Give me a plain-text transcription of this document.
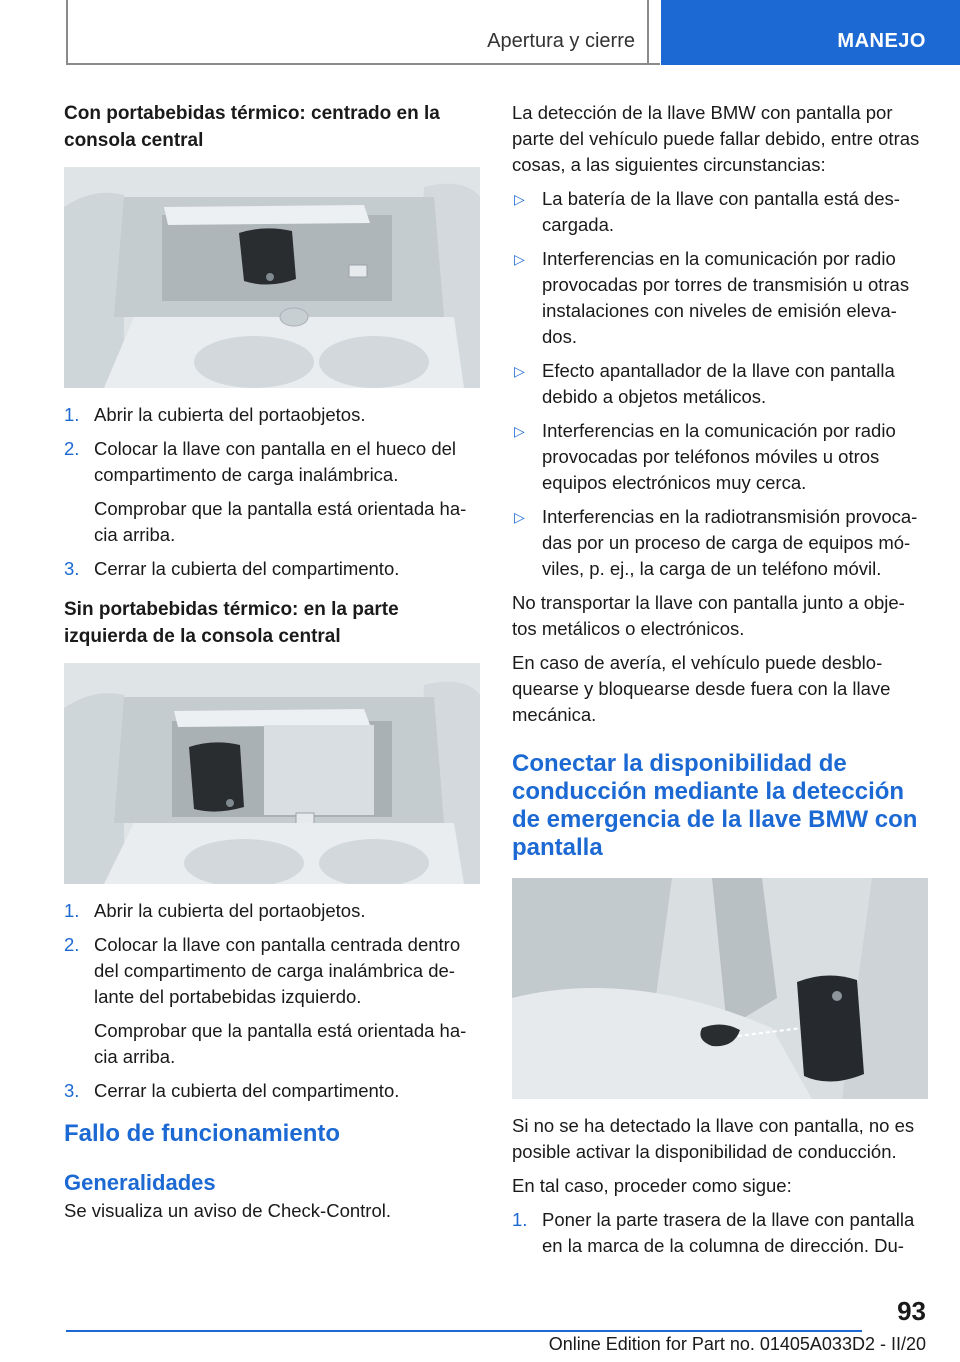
Apertura y cierre	MANEJO
Con portabebidas térmico: centrado en la consola central
1. Abrir la cubierta del portaobjetos.
2. Colocar la llave con pantalla en el hueco del compartimento de carga inalámbrica.
Comprobar que la pantalla está orientada ha‐ cia arriba.
3. Cerrar la cubierta del compartimento.
Sin portabebidas térmico: en la parte izquierda de la consola central
1. Abrir la cubierta del portaobjetos.
2. Colocar la llave con pantalla centrada dentro del compartimento de carga inalámbrica de‐ lante del portabebidas izquierdo.
Comprobar que la pantalla está orientada ha‐ cia arriba.
3. Cerrar la cubierta del compartimento.
Fallo de funcionamiento
Generalidades

Se visualiza un aviso de Check-Control.

La detección de la llave BMW con pantalla por parte del vehículo puede fallar debido, entre otras cosas, a las siguientes circunstancias:

▷ La batería de la llave con pantalla está des‐ cargada.
▷ Interferencias en la comunicación por radio provocadas por torres de transmisión u otras instalaciones con niveles de emisión eleva‐ dos.
▷ Efecto apantallador de la llave con pantalla debido a objetos metálicos.
▷ Interferencias en la comunicación por radio provocadas por teléfonos móviles u otros equipos electrónicos muy cerca.
▷ Interferencias en la radiotransmisión provoca‐ das por un proceso de carga de equipos mó‐ viles, p. ej., la carga de un teléfono móvil.

No transportar la llave con pantalla junto a obje‐ tos metálicos o electrónicos.

En caso de avería, el vehículo puede desblo‐ quearse y bloquearse desde fuera con la llave mecánica.

Conectar la disponibilidad de conducción mediante la detección de emergencia de la llave BMW con pantalla

Si no se ha detectado la llave con pantalla, no es posible activar la disponibilidad de conducción.

En tal caso, proceder como sigue:

1. Poner la parte trasera de la llave con pantalla en la marca de la columna de dirección. Du‐
93
Online Edition for Part no. 01405A033D2 - II/20
